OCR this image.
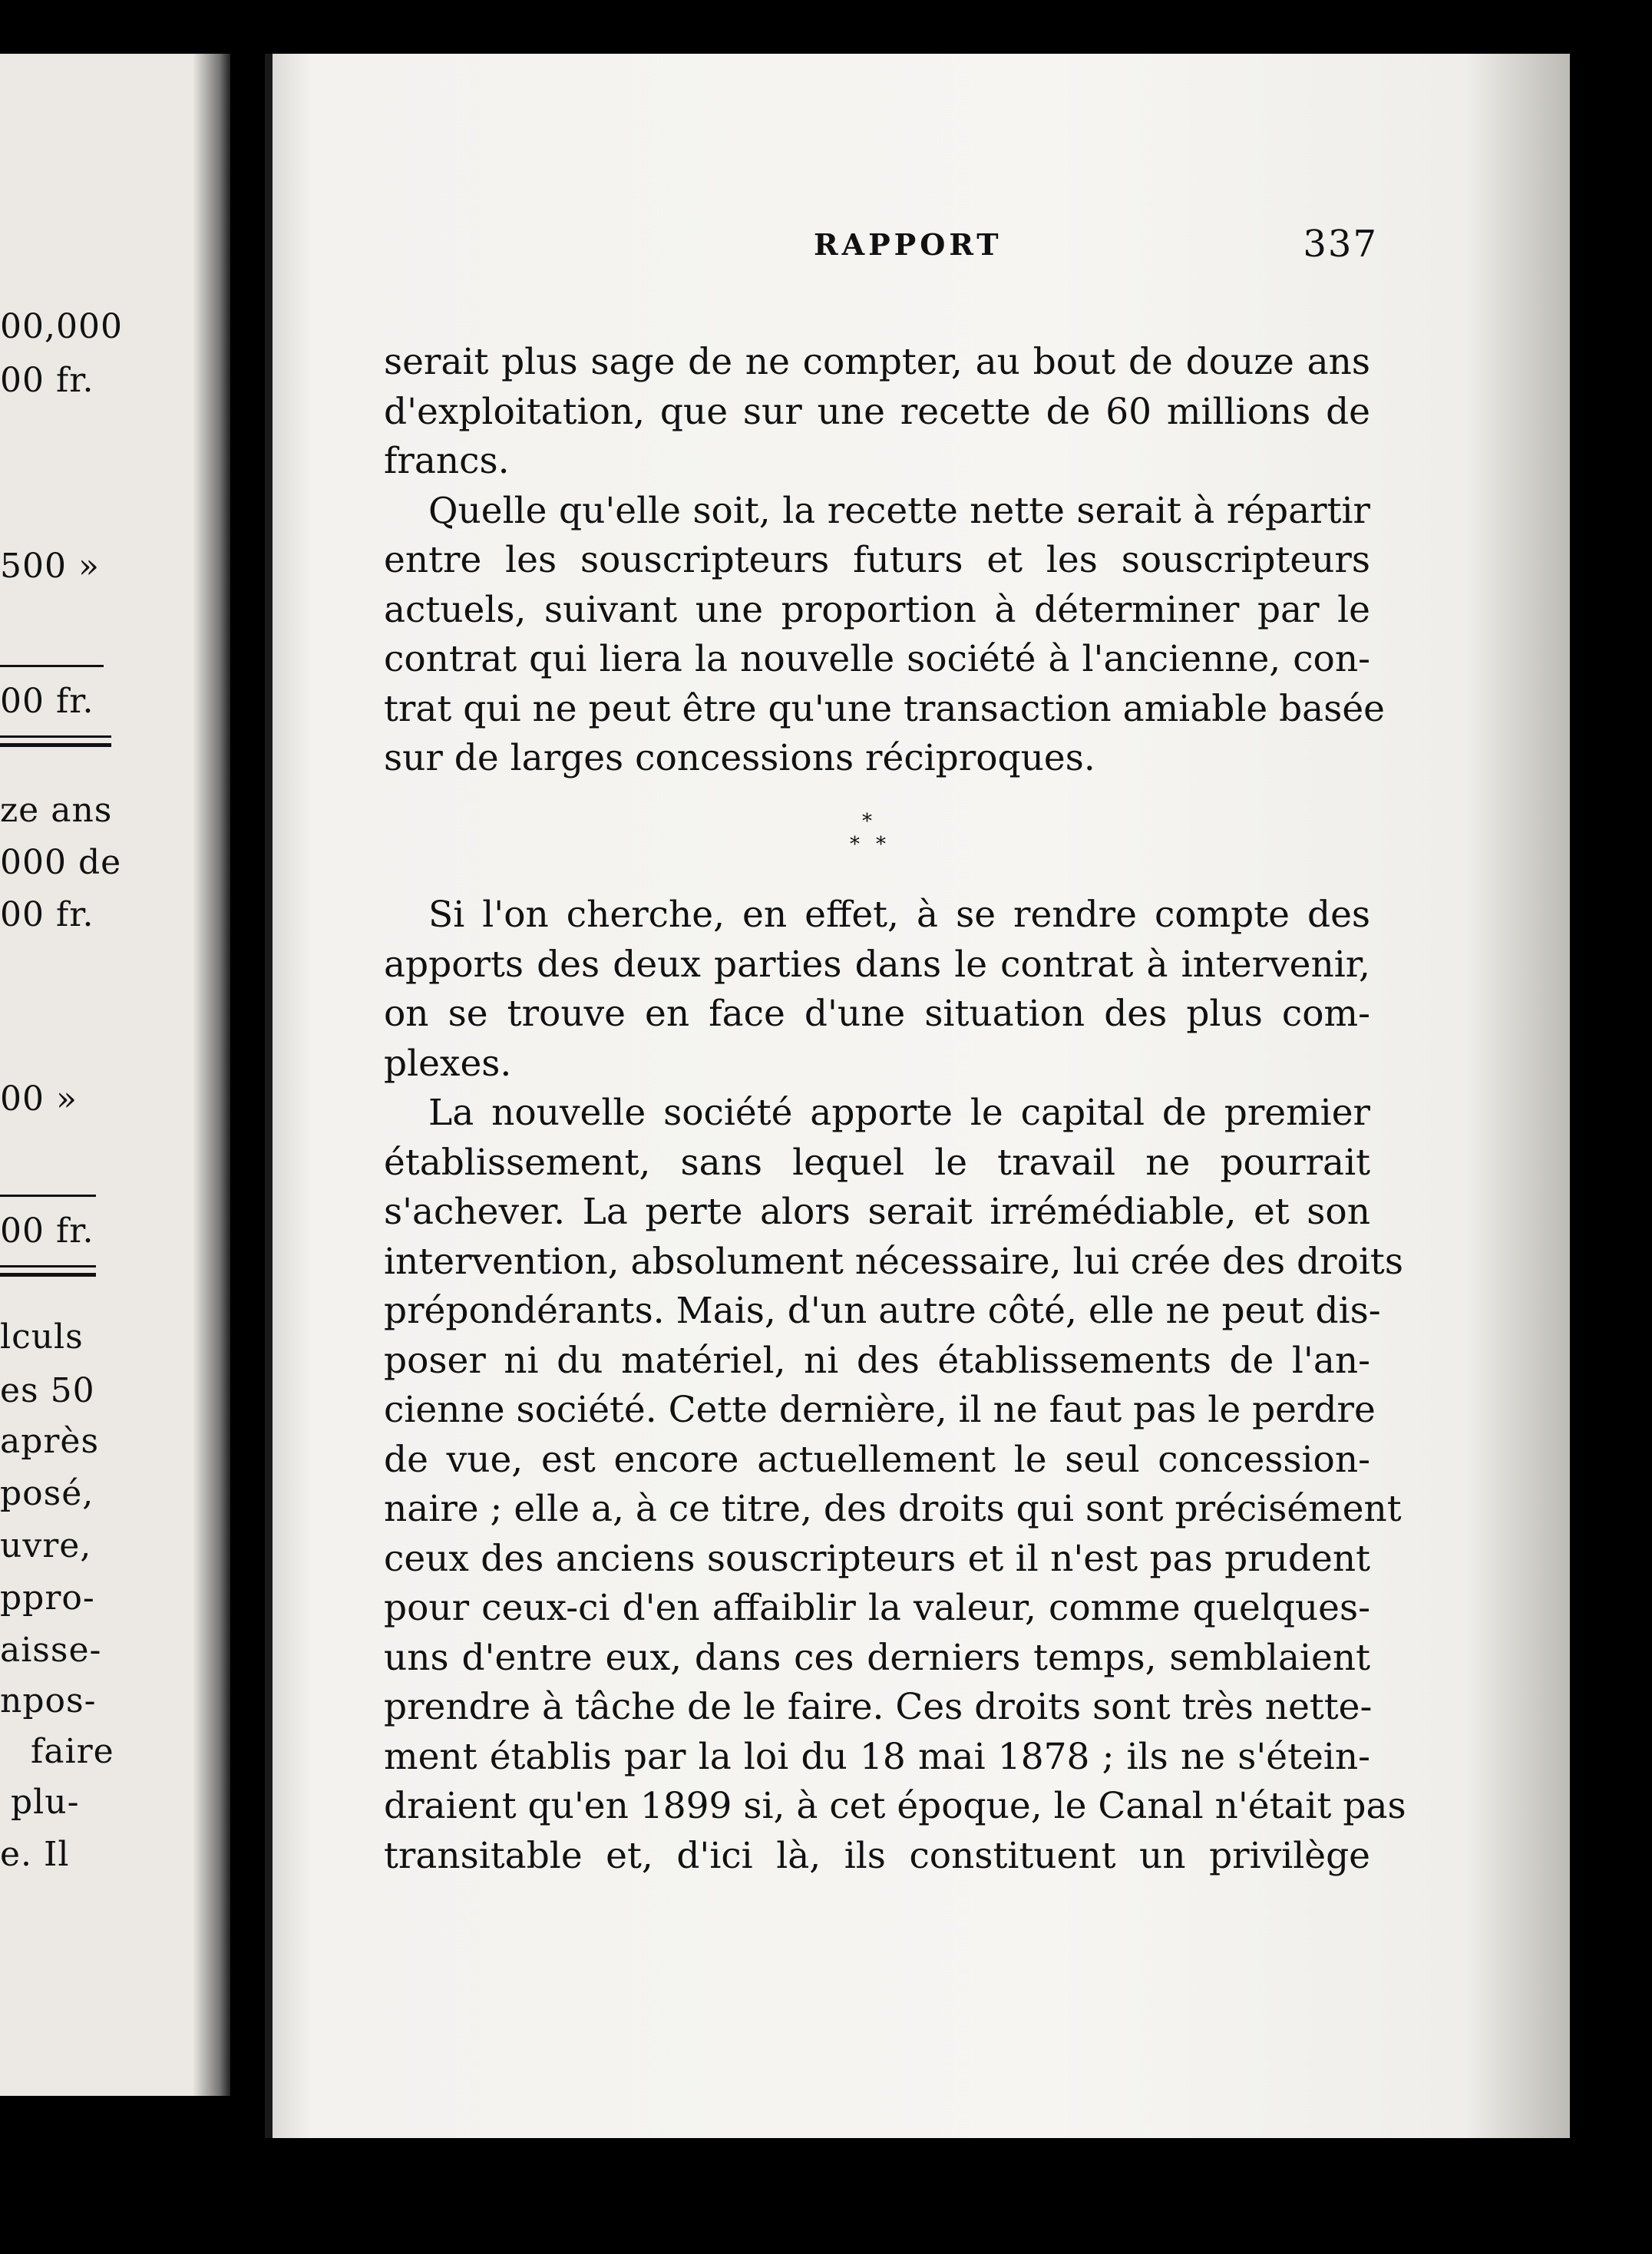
00,000
00 fr.
500 »
00 fr.
ze ans
000 de
00 fr.
00 »
00 fr.
lculs
es 50
après
posé,
uvre,
ppro-
aisse-
npos-
faire
plu-
e. Il
RAPPORT	337
serait plus sage de ne compter, au bout de douze ans
d'exploitation, que sur une recette de 60 millions de
francs.
Quelle qu'elle soit, la recette nette serait à répartir
entre les souscripteurs futurs et les souscripteurs
actuels, suivant une proportion à déterminer par le
contrat qui liera la nouvelle société à l'ancienne, con-
trat qui ne peut être qu'une transaction amiable basée
sur de larges concessions réciproques.
*
* *
Si l'on cherche, en effet, à se rendre compte des
apports des deux parties dans le contrat à intervenir,
on se trouve en face d'une situation des plus com-
plexes.
La nouvelle société apporte le capital de premier
établissement, sans lequel le travail ne pourrait
s'achever. La perte alors serait irrémédiable, et son
intervention, absolument nécessaire, lui crée des droits
prépondérants. Mais, d'un autre côté, elle ne peut dis-
poser ni du matériel, ni des établissements de l'an-
cienne société. Cette dernière, il ne faut pas le perdre
de vue, est encore actuellement le seul concession-
naire ; elle a, à ce titre, des droits qui sont précisément
ceux des anciens souscripteurs et il n'est pas prudent
pour ceux-ci d'en affaiblir la valeur, comme quelques-
uns d'entre eux, dans ces derniers temps, semblaient
prendre à tâche de le faire. Ces droits sont très nette-
ment établis par la loi du 18 mai 1878 ; ils ne s'étein-
draient qu'en 1899 si, à cet époque, le Canal n'était pas
transitable et, d'ici là, ils constituent un privilège
